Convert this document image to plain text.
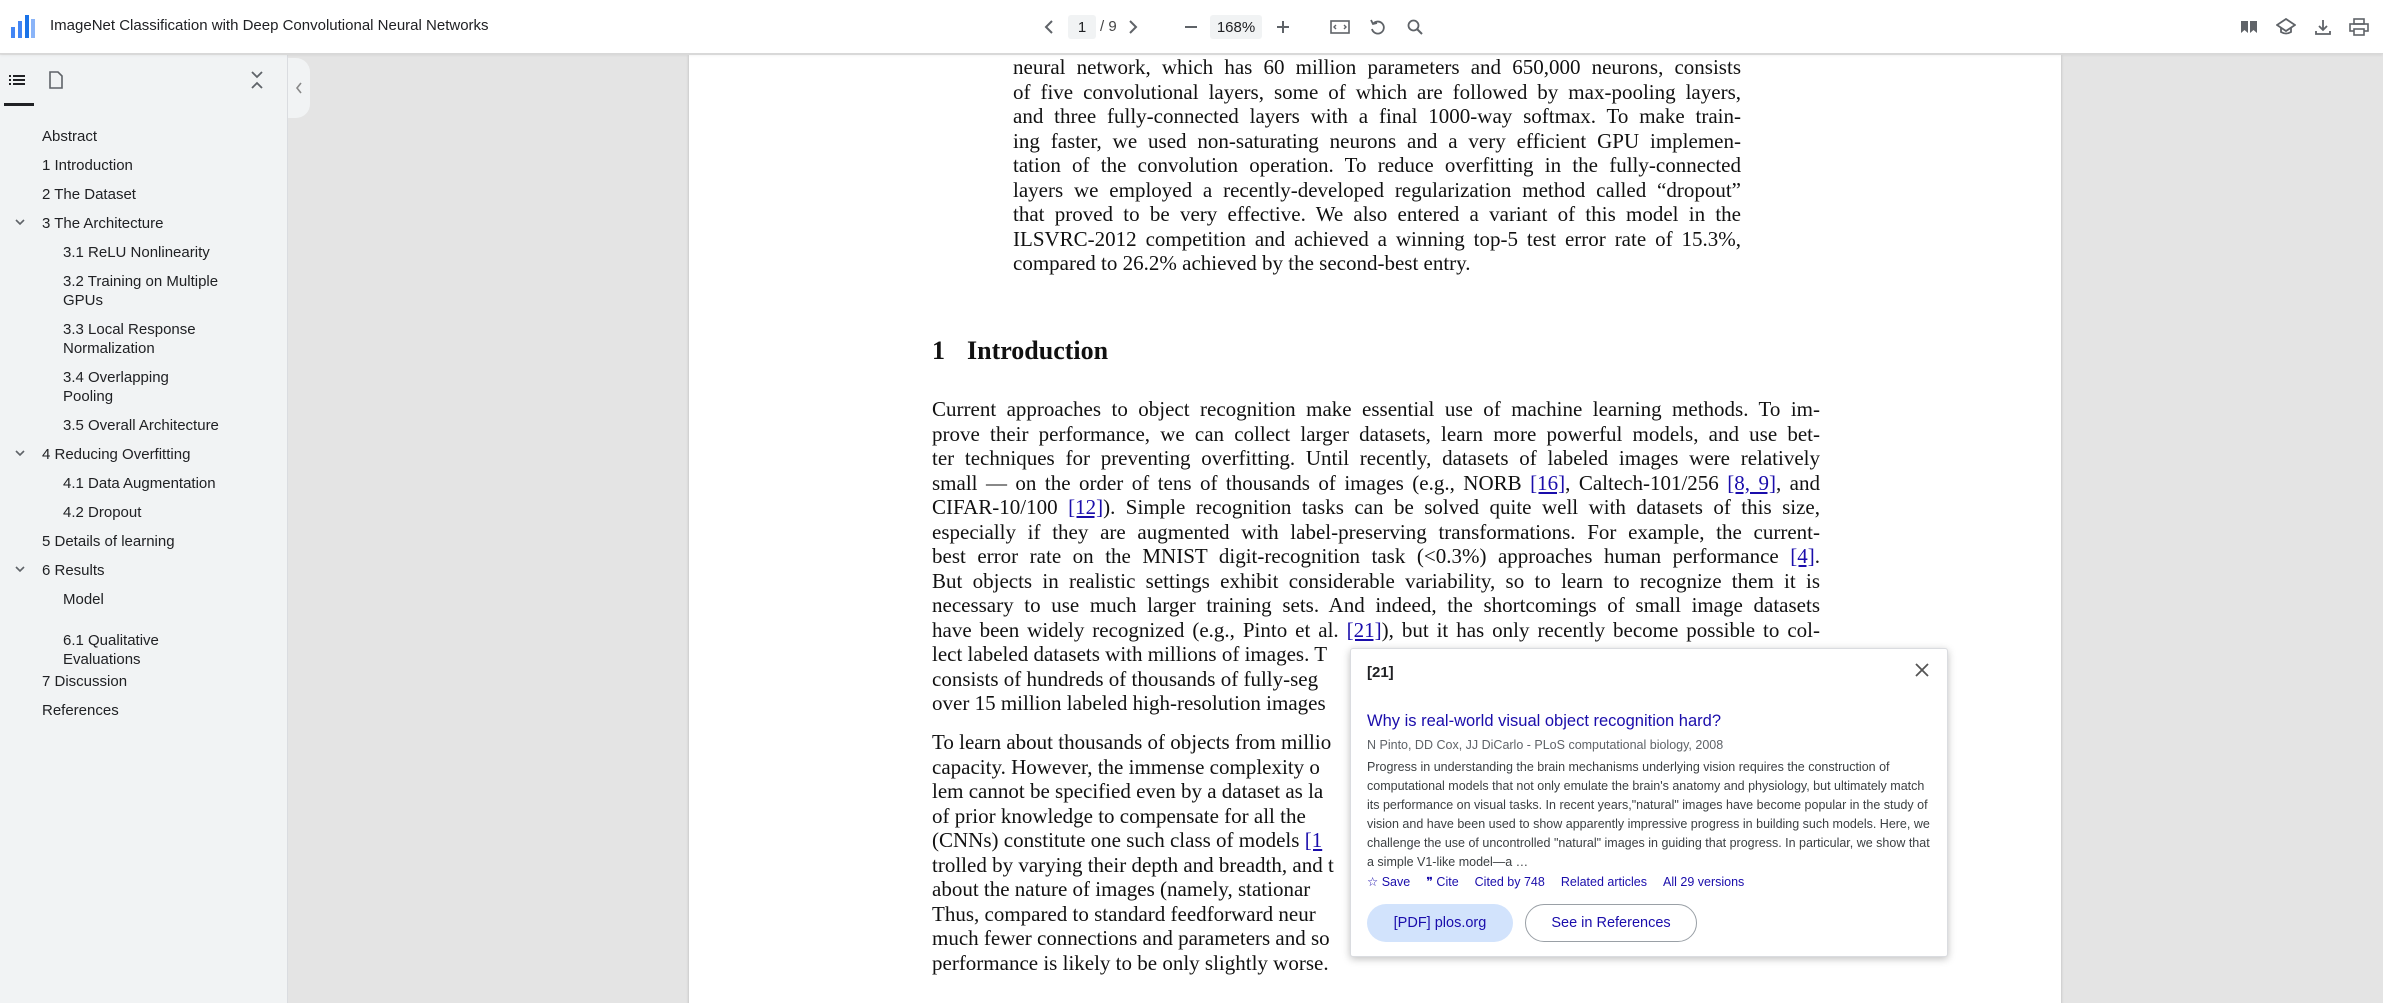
ImageNet Classification with Deep Convolutional Neural Networks	1 / 9	168%
Abstract
1 Introduction
2 The Dataset
3 The Architecture
3.1 ReLU Nonlinearity
3.2 Training on Multiple
GPUs
3.3 Local Response
Normalization
3.4 Overlapping
Pooling
3.5 Overall Architecture
4 Reducing Overfitting
4.1 Data Augmentation
4.2 Dropout
5 Details of learning
6 Results
Model
6.1 Qualitative
Evaluations
7 Discussion
References
neural network, which has 60 million parameters and 650,000 neurons, consists
of five convolutional layers, some of which are followed by max-pooling layers,
and three fully-connected layers with a final 1000-way softmax. To make train-
ing faster, we used non-saturating neurons and a very efficient GPU implemen-
tation of the convolution operation. To reduce overfitting in the fully-connected
layers we employed a recently-developed regularization method called “dropout”
that proved to be very effective. We also entered a variant of this model in the
ILSVRC-2012 competition and achieved a winning top-5 test error rate of 15.3%,
compared to 26.2% achieved by the second-best entry.
1 Introduction
Current approaches to object recognition make essential use of machine learning methods. To im-
prove their performance, we can collect larger datasets, learn more powerful models, and use bet-
ter techniques for preventing overfitting. Until recently, datasets of labeled images were relatively
small — on the order of tens of thousands of images (e.g., NORB [16], Caltech-101/256 [8, 9], and
CIFAR-10/100 [12]). Simple recognition tasks can be solved quite well with datasets of this size,
especially if they are augmented with label-preserving transformations. For example, the current-
best error rate on the MNIST digit-recognition task (<0.3%) approaches human performance [4].
But objects in realistic settings exhibit considerable variability, so to learn to recognize them it is
necessary to use much larger training sets. And indeed, the shortcomings of small image datasets
have been widely recognized (e.g., Pinto et al. [21]), but it has only recently become possible to col-
lect labeled datasets with millions of images. T
consists of hundreds of thousands of fully-seg
over 15 million labeled high-resolution images
To learn about thousands of objects from millio
capacity. However, the immense complexity o
lem cannot be specified even by a dataset as la
of prior knowledge to compensate for all the
(CNNs) constitute one such class of models [1
trolled by varying their depth and breadth, and t
about the nature of images (namely, stationar
Thus, compared to standard feedforward neur
much fewer connections and parameters and so
performance is likely to be only slightly worse.
[21]
Why is real-world visual object recognition hard?
N Pinto, DD Cox, JJ DiCarlo - PLoS computational biology, 2008
Progress in understanding the brain mechanisms underlying vision requires the construction of computational models that not only emulate the brain's anatomy and physiology, but ultimately match its performance on visual tasks. In recent years,"natural" images have become popular in the study of vision and have been used to show apparently impressive progress in building such models. Here, we challenge the use of uncontrolled "natural" images in guiding that progress. In particular, we show that a simple V1-like model—a …
☆ Save ❞ Cite Cited by 748 Related articles All 29 versions
[PDF] plos.org	See in References
